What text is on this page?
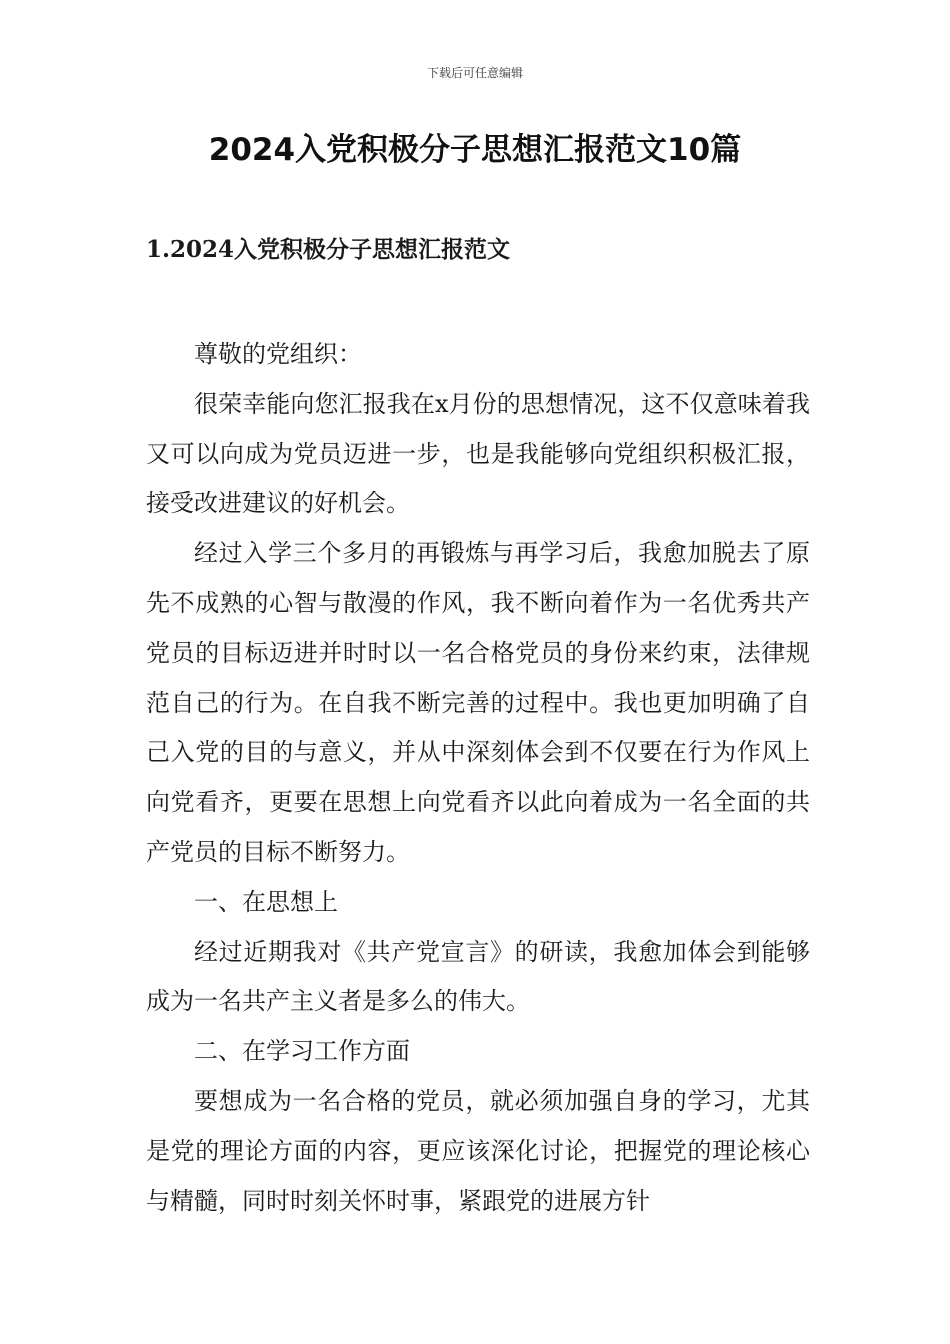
下载后可任意编辑
2024入党积极分子思想汇报范文10篇
1.2024入党积极分子思想汇报范文

尊敬的党组织：

很荣幸能向您汇报我在x月份的思想情况，这不仅意味着我又可以向成为党员迈进一步，也是我能够向党组织积极汇报，接受改进建议的好机会。

经过入学三个多月的再锻炼与再学习后，我愈加脱去了原先不成熟的心智与散漫的作风，我不断向着作为一名优秀共产党员的目标迈进并时时以一名合格党员的身份来约束，法律规范自己的行为。在自我不断完善的过程中。我也更加明确了自己入党的目的与意义，并从中深刻体会到不仅要在行为作风上向党看齐，更要在思想上向党看齐以此向着成为一名全面的共产党员的目标不断努力。

一、在思想上

经过近期我对《共产党宣言》的研读，我愈加体会到能够成为一名共产主义者是多么的伟大。

二、在学习工作方面

要想成为一名合格的党员，就必须加强自身的学习，尤其是党的理论方面的内容，更应该深化讨论，把握党的理论核心与精髓，同时时刻关怀时事，紧跟党的进展方针
